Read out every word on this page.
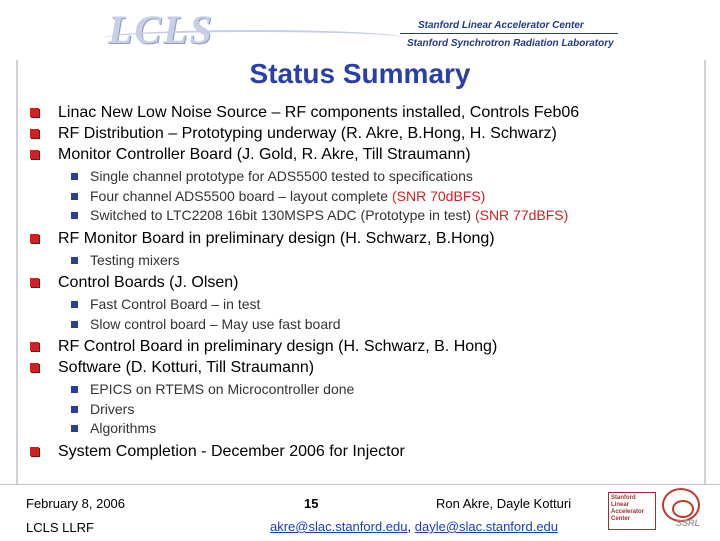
LCLS	Stanford Linear Accelerator Center
Stanford Synchrotron Radiation Laboratory
Status Summary
Linac New Low Noise Source – RF components installed, Controls Feb06
RF Distribution – Prototyping underway (R. Akre, B.Hong, H. Schwarz)
Monitor Controller Board (J. Gold, R. Akre, Till Straumann)
Single channel prototype for ADS5500 tested to specifications
Four channel ADS5500 board – layout complete (SNR 70dBFS)
Switched to LTC2208 16bit 130MSPS ADC (Prototype in test) (SNR 77dBFS)
RF Monitor Board in preliminary design (H. Schwarz, B.Hong)
Testing mixers
Control Boards (J. Olsen)
Fast Control Board – in test
Slow control board – May use fast board
RF Control Board in preliminary design (H. Schwarz, B. Hong)
Software (D. Kotturi, Till Straumann)
EPICS on RTEMS on Microcontroller done
Drivers
Algorithms
System Completion - December 2006 for Injector
February 8, 2006
LCLS LLRF
15	Ron Akre, Dayle Kotturi
akre@slac.stanford.edu, dayle@slac.stanford.edu
Stanford Linear Accelerator Center	SSRL
